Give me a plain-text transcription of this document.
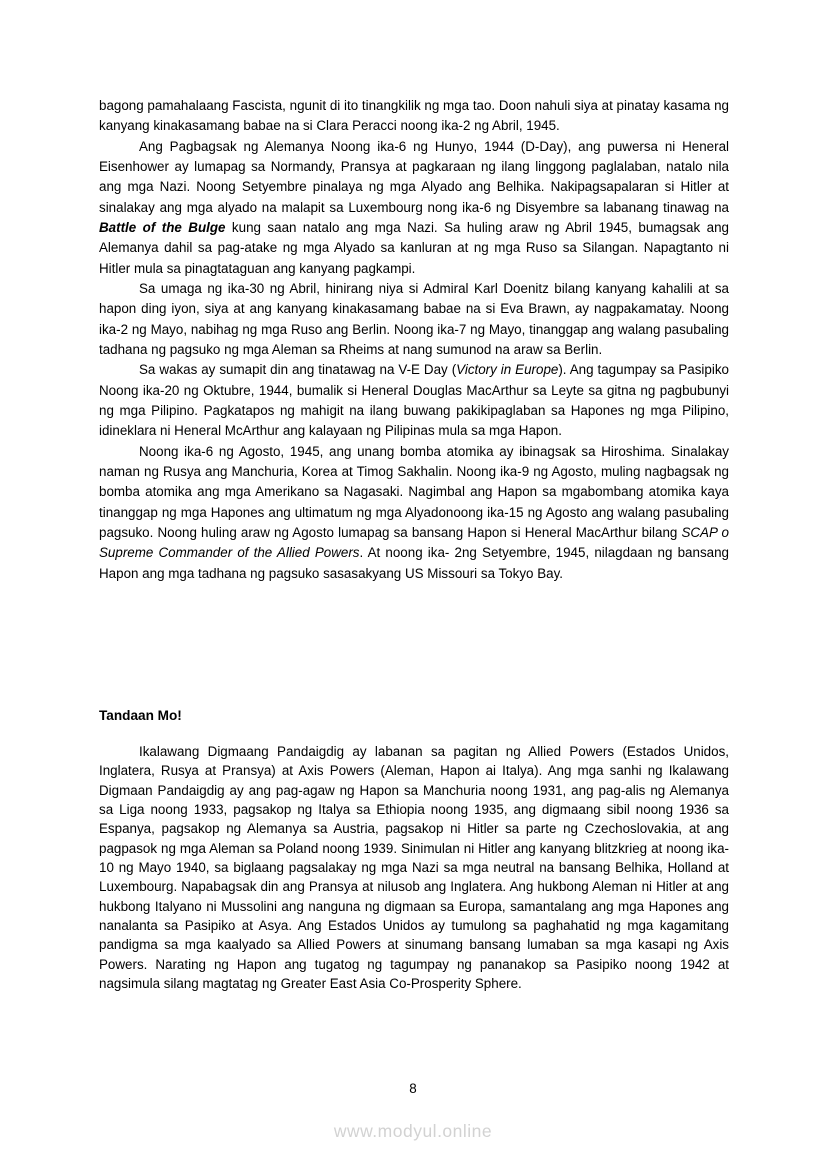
bagong pamahalaang Fascista, ngunit di ito tinangkilik ng mga tao. Doon nahuli siya at pinatay kasama ng kanyang kinakasamang babae na si Clara Peracci noong ika-2 ng Abril, 1945.

Ang Pagbagsak ng Alemanya Noong ika-6 ng Hunyo, 1944 (D-Day), ang puwersa ni Heneral Eisenhower ay lumapag sa Normandy, Pransya at pagkaraan ng ilang linggong paglalaban, natalo nila ang mga Nazi. Noong Setyembre pinalaya ng mga Alyado ang Belhika. Nakipagsapalaran si Hitler at sinalakay ang mga alyado na malapit sa Luxembourg nong ika-6 ng Disyembre sa labanang tinawag na Battle of the Bulge kung saan natalo ang mga Nazi. Sa huling araw ng Abril 1945, bumagsak ang Alemanya dahil sa pag-atake ng mga Alyado sa kanluran at ng mga Ruso sa Silangan. Napagtanto ni Hitler mula sa pinagtataguan ang kanyang pagkampi.

Sa umaga ng ika-30 ng Abril, hinirang niya si Admiral Karl Doenitz bilang kanyang kahalili at sa hapon ding iyon, siya at ang kanyang kinakasamang babae na si Eva Brawn, ay nagpakamatay. Noong ika-2 ng Mayo, nabihag ng mga Ruso ang Berlin. Noong ika-7 ng Mayo, tinanggap ang walang pasubaling tadhana ng pagsuko ng mga Aleman sa Rheims at nang sumunod na araw sa Berlin.

Sa wakas ay sumapit din ang tinatawag na V-E Day (Victory in Europe). Ang tagumpay sa Pasipiko Noong ika-20 ng Oktubre, 1944, bumalik si Heneral Douglas MacArthur sa Leyte sa gitna ng pagbubunyi ng mga Pilipino. Pagkatapos ng mahigit na ilang buwang pakikipaglaban sa Hapones ng mga Pilipino, idineklara ni Heneral McArthur ang kalayaan ng Pilipinas mula sa mga Hapon.

Noong ika-6 ng Agosto, 1945, ang unang bomba atomika ay ibinagsak sa Hiroshima. Sinalakay naman ng Rusya ang Manchuria, Korea at Timog Sakhalin. Noong ika-9 ng Agosto, muling nagbagsak ng bomba atomika ang mga Amerikano sa Nagasaki. Nagimbal ang Hapon sa mgabombang atomika kaya tinanggap ng mga Hapones ang ultimatum ng mga Alyadonoong ika-15 ng Agosto ang walang pasubaling pagsuko. Noong huling araw ng Agosto lumapag sa bansang Hapon si Heneral MacArthur bilang SCAP o Supreme Commander of the Allied Powers. At noong ika- 2ng Setyembre, 1945, nilagdaan ng bansang Hapon ang mga tadhana ng pagsuko sasasakyang US Missouri sa Tokyo Bay.

Tandaan Mo!

Ikalawang Digmaang Pandaigdig ay labanan sa pagitan ng Allied Powers (Estados Unidos, Inglatera, Rusya at Pransya) at Axis Powers (Aleman, Hapon ai Italya). Ang mga sanhi ng Ikalawang Digmaan Pandaigdig ay ang pag-agaw ng Hapon sa Manchuria noong 1931, ang pag-alis ng Alemanya sa Liga noong 1933, pagsakop ng Italya sa Ethiopia noong 1935, ang digmaang sibil noong 1936 sa Espanya, pagsakop ng Alemanya sa Austria, pagsakop ni Hitler sa parte ng Czechoslovakia, at ang pagpasok ng mga Aleman sa Poland noong 1939. Sinimulan ni Hitler ang kanyang blitzkrieg at noong ika-10 ng Mayo 1940, sa biglaang pagsalakay ng mga Nazi sa mga neutral na bansang Belhika, Holland at Luxembourg. Napabagsak din ang Pransya at nilusob ang Inglatera. Ang hukbong Aleman ni Hitler at ang hukbong Italyano ni Mussolini ang nanguna ng digmaan sa Europa, samantalang ang mga Hapones ang nanalanta sa Pasipiko at Asya. Ang Estados Unidos ay tumulong sa paghahatid ng mga kagamitang pandigma sa mga kaalyado sa Allied Powers at sinumang bansang lumaban sa mga kasapi ng Axis Powers. Narating ng Hapon ang tugatog ng tagumpay ng pananakop sa Pasipiko noong 1942 at nagsimula silang magtatag ng Greater East Asia Co-Prosperity Sphere.

8
www.modyul.online
